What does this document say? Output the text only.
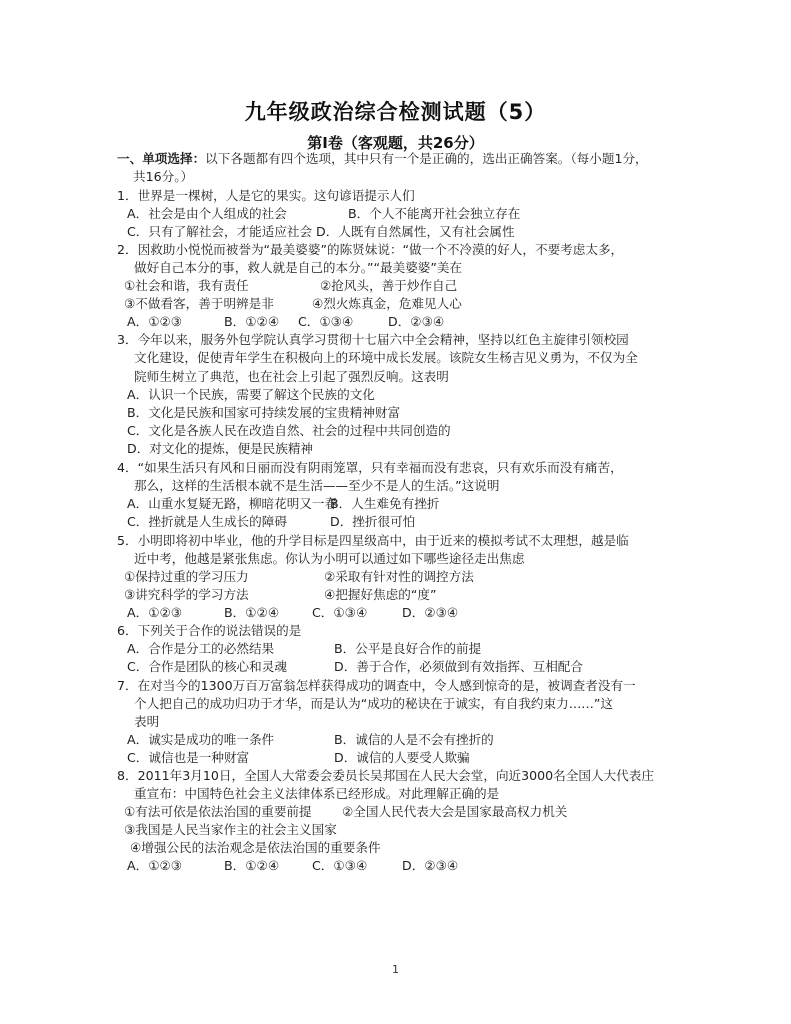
九年级政治综合检测试题（5）
第Ⅰ卷（客观题，共26分）
一、单项选择：以下各题都有四个选项，其中只有一个是正确的，选出正确答案。（每小题1分，
共16分。）
1．世界是一棵树，人是它的果实。这句谚语提示人们
A．社会是由个人组成的社会	B．个人不能离开社会独立存在
C．只有了解社会，才能适应社会 D．人既有自然属性，又有社会属性
2．因救助小悦悦而被誉为“最美婆婆”的陈贤妹说：“做一个不冷漠的好人，不要考虑太多，
做好自己本分的事，救人就是自己的本分。”“最美婆婆”美在
①社会和谐，我有责任	②抢风头，善于炒作自己
③不做看客，善于明辨是非	④烈火炼真金，危难见人心
A．①②③	B．①②④ C．①③④	D．②③④
3．今年以来，服务外包学院认真学习贯彻十七届六中全会精神，坚持以红色主旋律引领校园
文化建设，促使青年学生在积极向上的环境中成长发展。该院女生杨吉见义勇为，不仅为全
院师生树立了典范，也在社会上引起了强烈反响。这表明
A．认识一个民族，需要了解这个民族的文化
B．文化是民族和国家可持续发展的宝贵精神财富
C．文化是各族人民在改造自然、社会的过程中共同创造的
D．对文化的提炼，便是民族精神
4．“如果生活只有风和日丽而没有阴雨笼罩，只有幸福而没有悲哀，只有欢乐而没有痛苦，
那么，这样的生活根本就不是生活——至少不是人的生活。”这说明
A．山重水复疑无路，柳暗花明又一春
B．人生难免有挫折
C．挫折就是人生成长的障碍	D．挫折很可怕
5．小明即将初中毕业，他的升学目标是四星级高中，由于近来的模拟考试不太理想，越是临
近中考，他越是紧张焦虑。你认为小明可以通过如下哪些途径走出焦虑
①保持过重的学习压力	②采取有针对性的调控方法
③讲究科学的学习方法	④把握好焦虑的“度”
A．①②③	B．①②④	C．①③④	D．②③④
6．下列关于合作的说法错误的是
A．合作是分工的必然结果	B．公平是良好合作的前提
C．合作是团队的核心和灵魂	D．善于合作，必须做到有效指挥、互相配合
7．在对当今的1300万百万富翁怎样获得成功的调查中，令人感到惊奇的是，被调查者没有一
个人把自己的成功归功于才华，而是认为“成功的秘诀在于诚实，有自我约束力……”这
表明
A．诚实是成功的唯一条件	B．诚信的人是不会有挫折的
C．诚信也是一种财富	D．诚信的人要受人欺骗
8．2011年3月10日，全国人大常委会委员长吴邦国在人民大会堂，向近3000名全国人大代表庄
重宣布：中国特色社会主义法律体系已经形成。对此理解正确的是
①有法可依是依法治国的重要前提 ②全国人民代表大会是国家最高权力机关
③我国是人民当家作主的社会主义国家
④增强公民的法治观念是依法治国的重要条件
A．①②③	B．①②④	C．①③④	D．②③④
1
